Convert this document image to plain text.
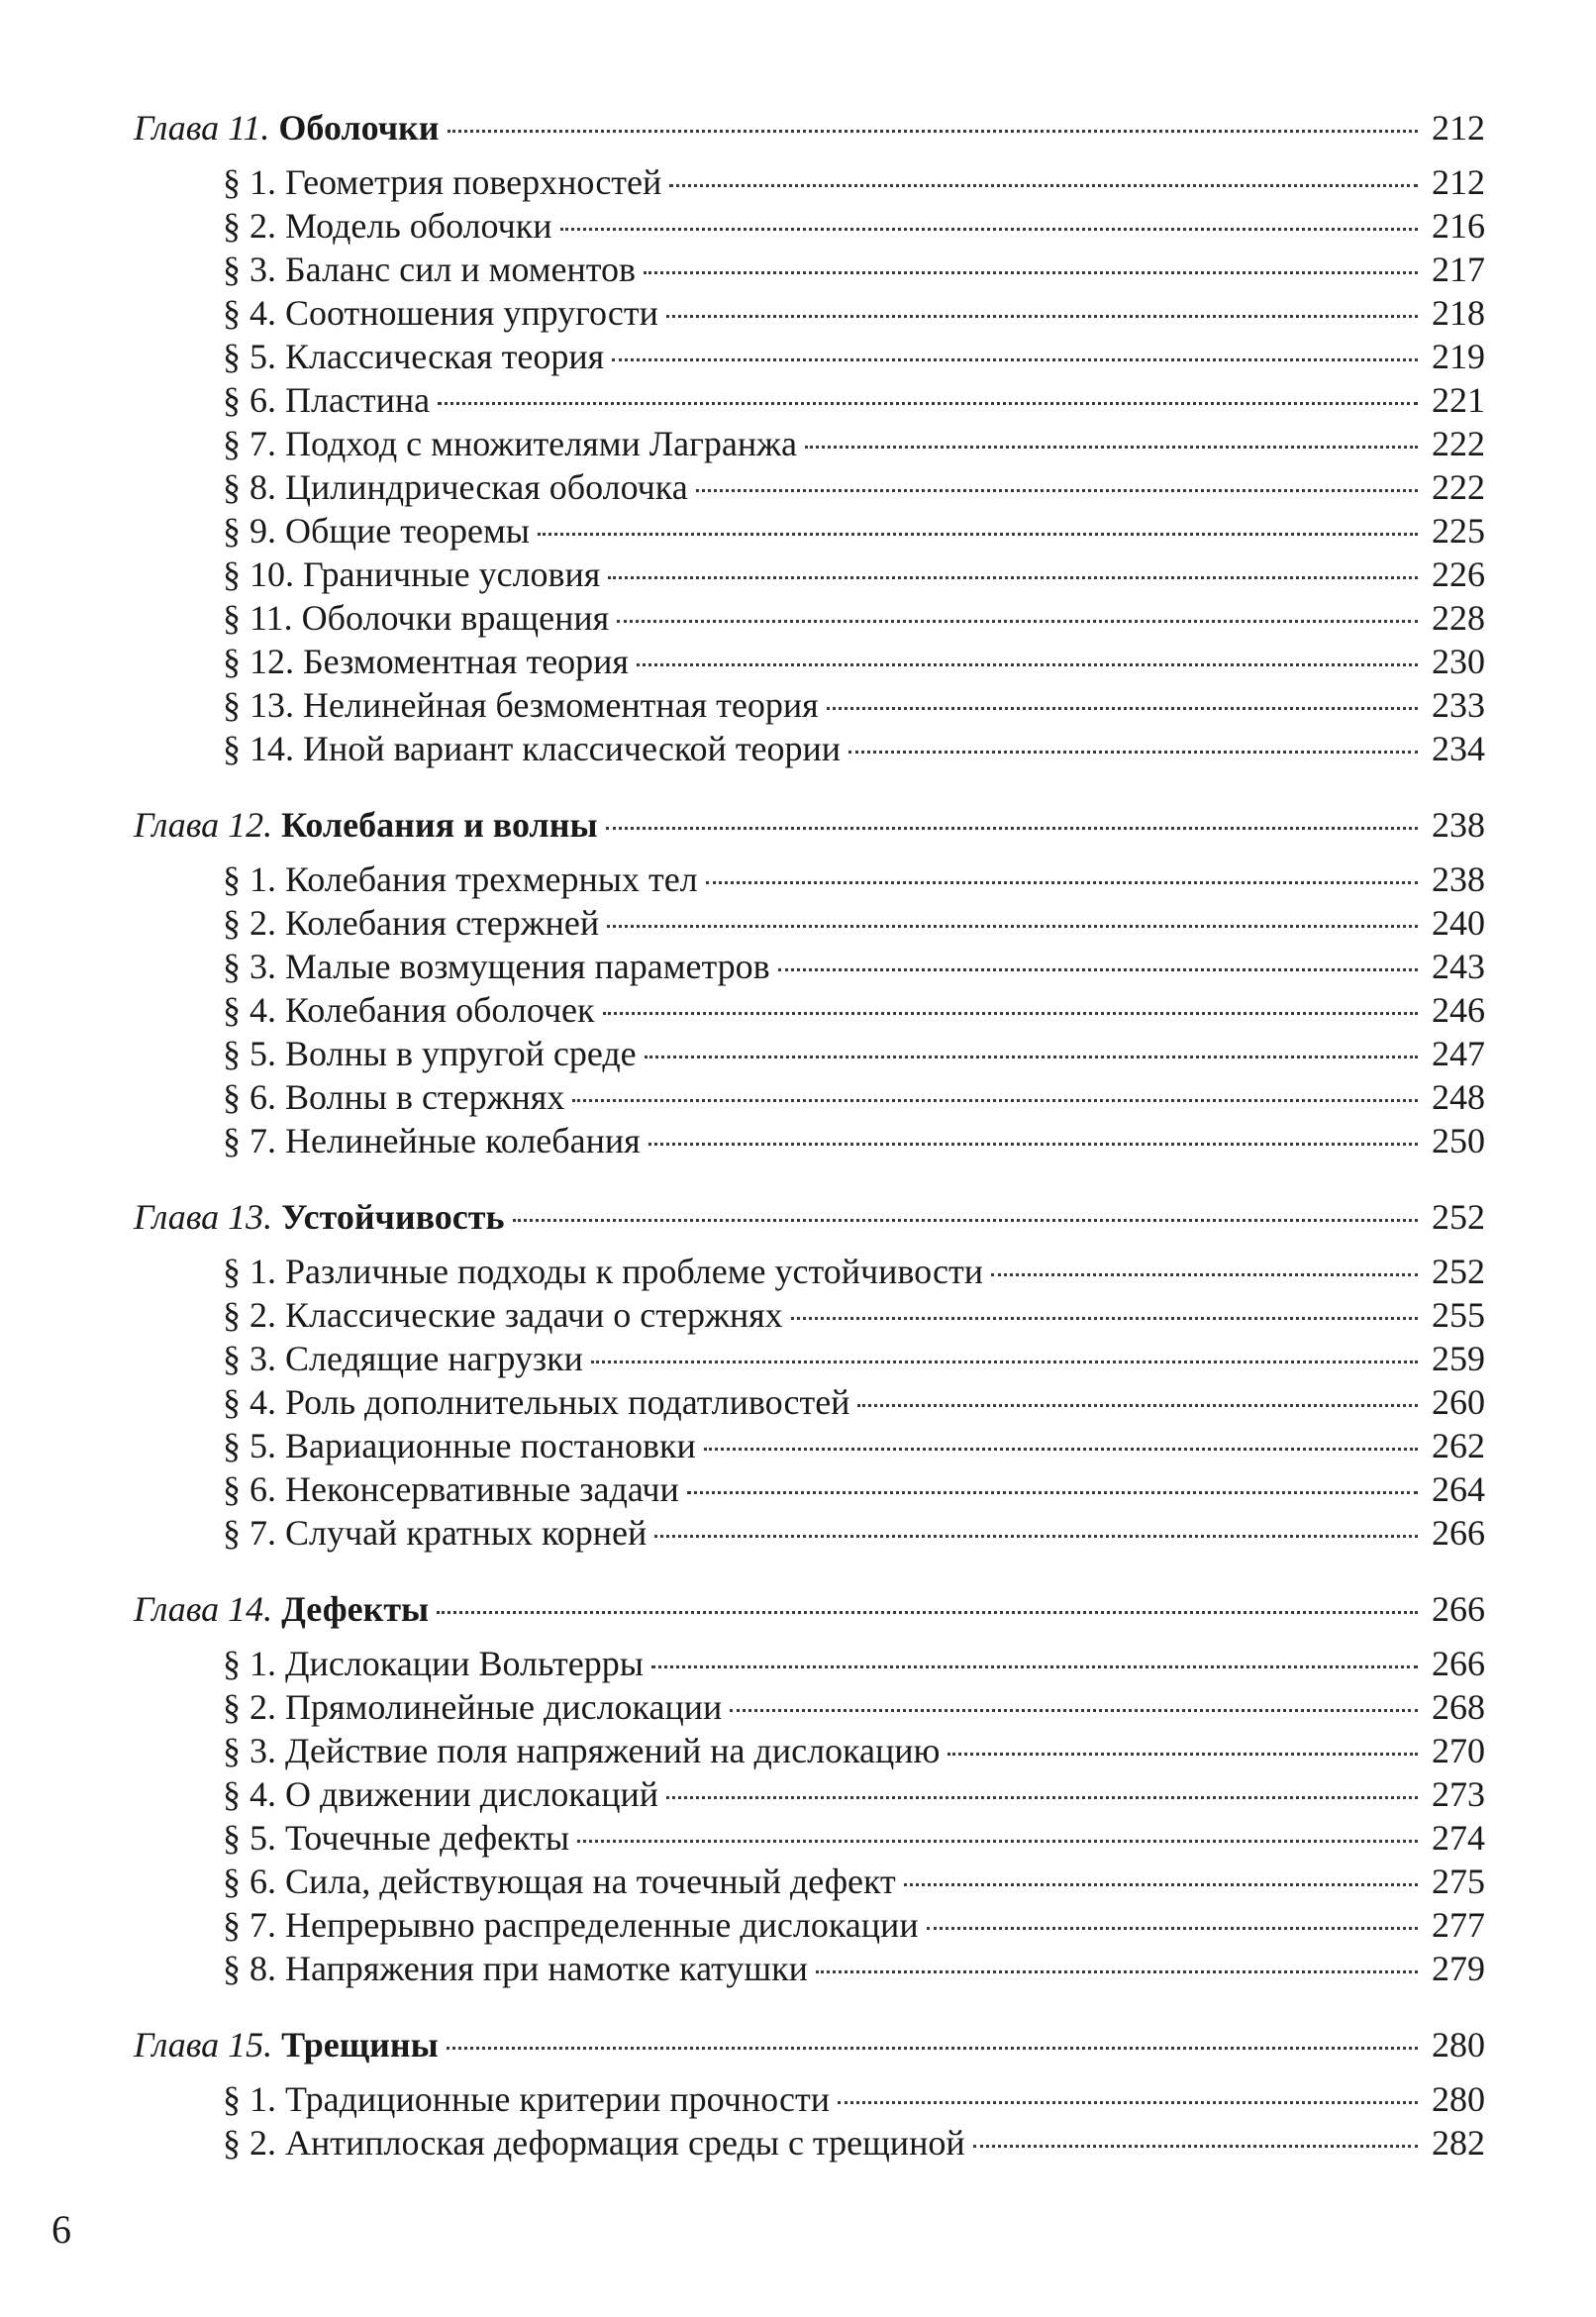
Глава 11. Оболочки	212
§ 1. Геометрия поверхностей	212
§ 2. Модель оболочки	216
§ 3. Баланс сил и моментов	217
§ 4. Соотношения упругости	218
§ 5. Классическая теория	219
§ 6. Пластина	221
§ 7. Подход с множителями Лагранжа	222
§ 8. Цилиндрическая оболочка	222
§ 9. Общие теоремы	225
§ 10. Граничные условия	226
§ 11. Оболочки вращения	228
§ 12. Безмоментная теория	230
§ 13. Нелинейная безмоментная теория	233
§ 14. Иной вариант классической теории	234
Глава 12. Колебания и волны	238
§ 1. Колебания трехмерных тел	238
§ 2. Колебания стержней	240
§ 3. Малые возмущения параметров	243
§ 4. Колебания оболочек	246
§ 5. Волны в упругой среде	247
§ 6. Волны в стержнях	248
§ 7. Нелинейные колебания	250
Глава 13. Устойчивость	252
§ 1. Различные подходы к проблеме устойчивости	252
§ 2. Классические задачи о стержнях	255
§ 3. Следящие нагрузки	259
§ 4. Роль дополнительных податливостей	260
§ 5. Вариационные постановки	262
§ 6. Неконсервативные задачи	264
§ 7. Случай кратных корней	266
Глава 14. Дефекты	266
§ 1. Дислокации Вольтерры	266
§ 2. Прямолинейные дислокации	268
§ 3. Действие поля напряжений на дислокацию	270
§ 4. О движении дислокаций	273
§ 5. Точечные дефекты	274
§ 6. Сила, действующая на точечный дефект	275
§ 7. Непрерывно распределенные дислокации	277
§ 8. Напряжения при намотке катушки	279
Глава 15. Трещины	280
§ 1. Традиционные критерии прочности	280
§ 2. Антиплоская деформация среды с трещиной	282
6
